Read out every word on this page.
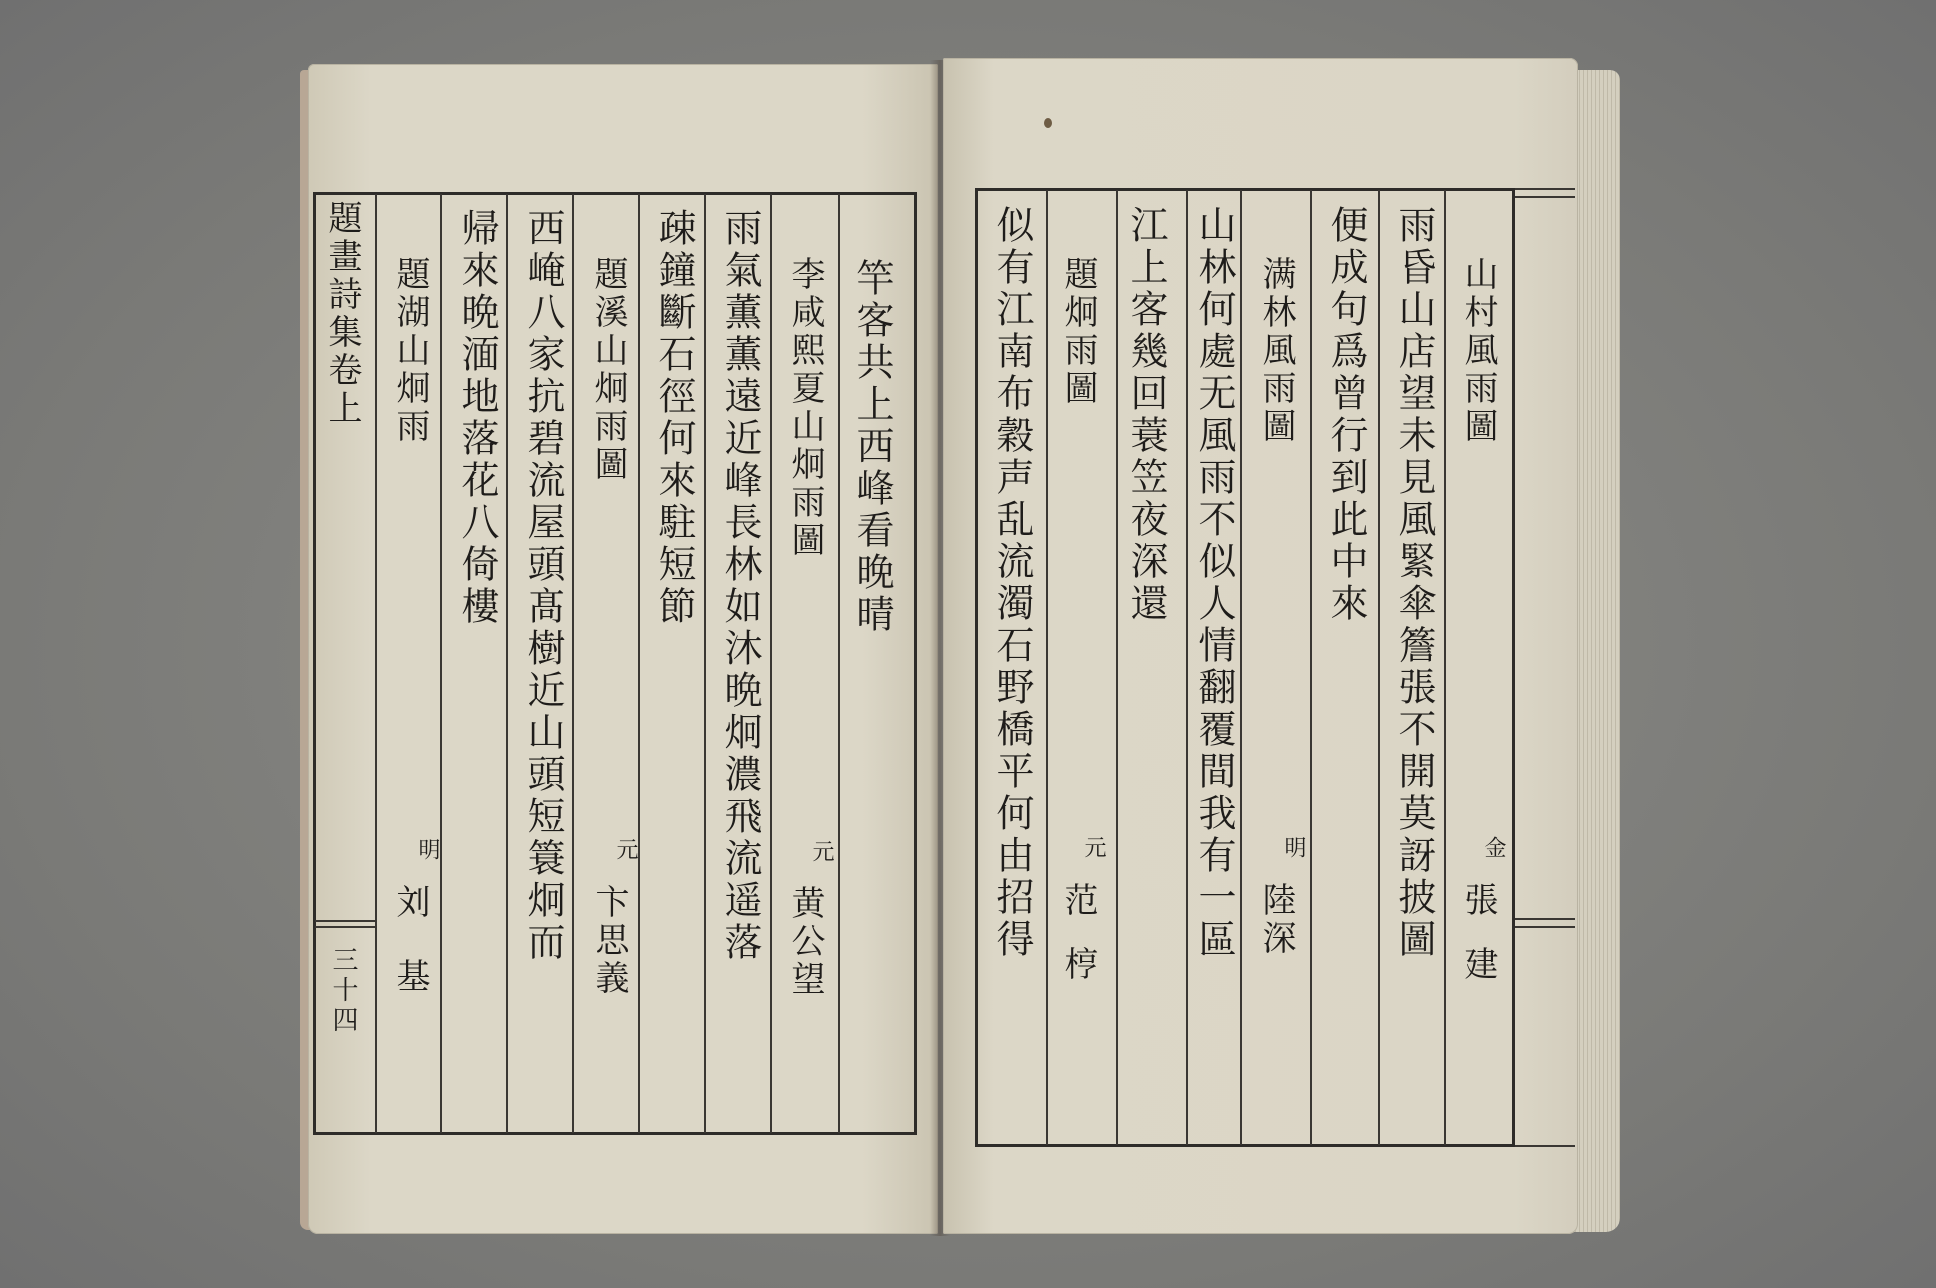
題畫詩集卷上
三十四
竿客共上西峰看晚晴
李咸熙夏山炯雨圖
元
黄公望
雨氣薫薫遠近峰長林如沐晩炯濃飛流遥落
疎鐘斷石徑何來駐短節
題溪山炯雨圖
元
卞思義
西崦八家抗碧流屋頭髙樹近山頭短簑炯而
帰來晩湎地落花八倚樓
題湖山炯雨
明
刘基
山村風雨圖
金
張建
雨昏山店望未見風緊傘簷張不開莫訝披圖
便成句爲曾行到此中來
满林風雨圖
明
陸深
山林何處无風雨不似人情翻覆間我有一區
江上客幾回蓑笠夜深還
題炯雨圖
元
范梈
似有江南布穀声乱流濁石野橋平何由招得
